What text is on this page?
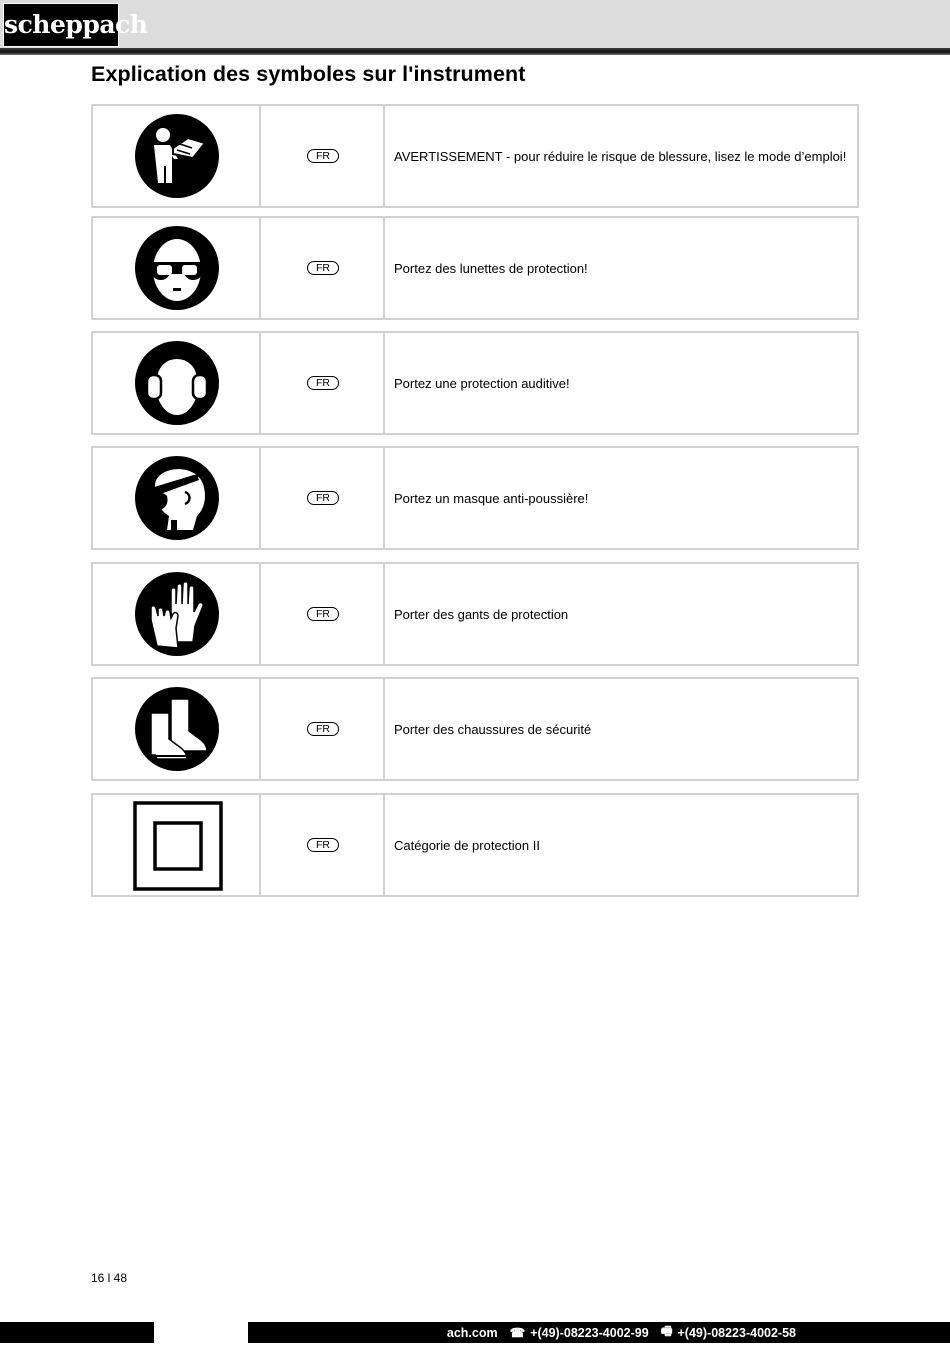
scheppach
Explication des symboles sur l'instrument
FR	AVERTISSEMENT - pour réduire le risque de blessure, lisez le mode d’emploi!
FR	Portez des lunettes de protection!
FR	Portez une protection auditive!
FR	Portez un masque anti-poussière!
FR	Porter des gants de protection
FR	Porter des chaussures de sécurité
FR	Catégorie de protection II
16 l 48
ach.com ☎ +(49)-08223-4002-99 🖷 +(49)-08223-4002-58
